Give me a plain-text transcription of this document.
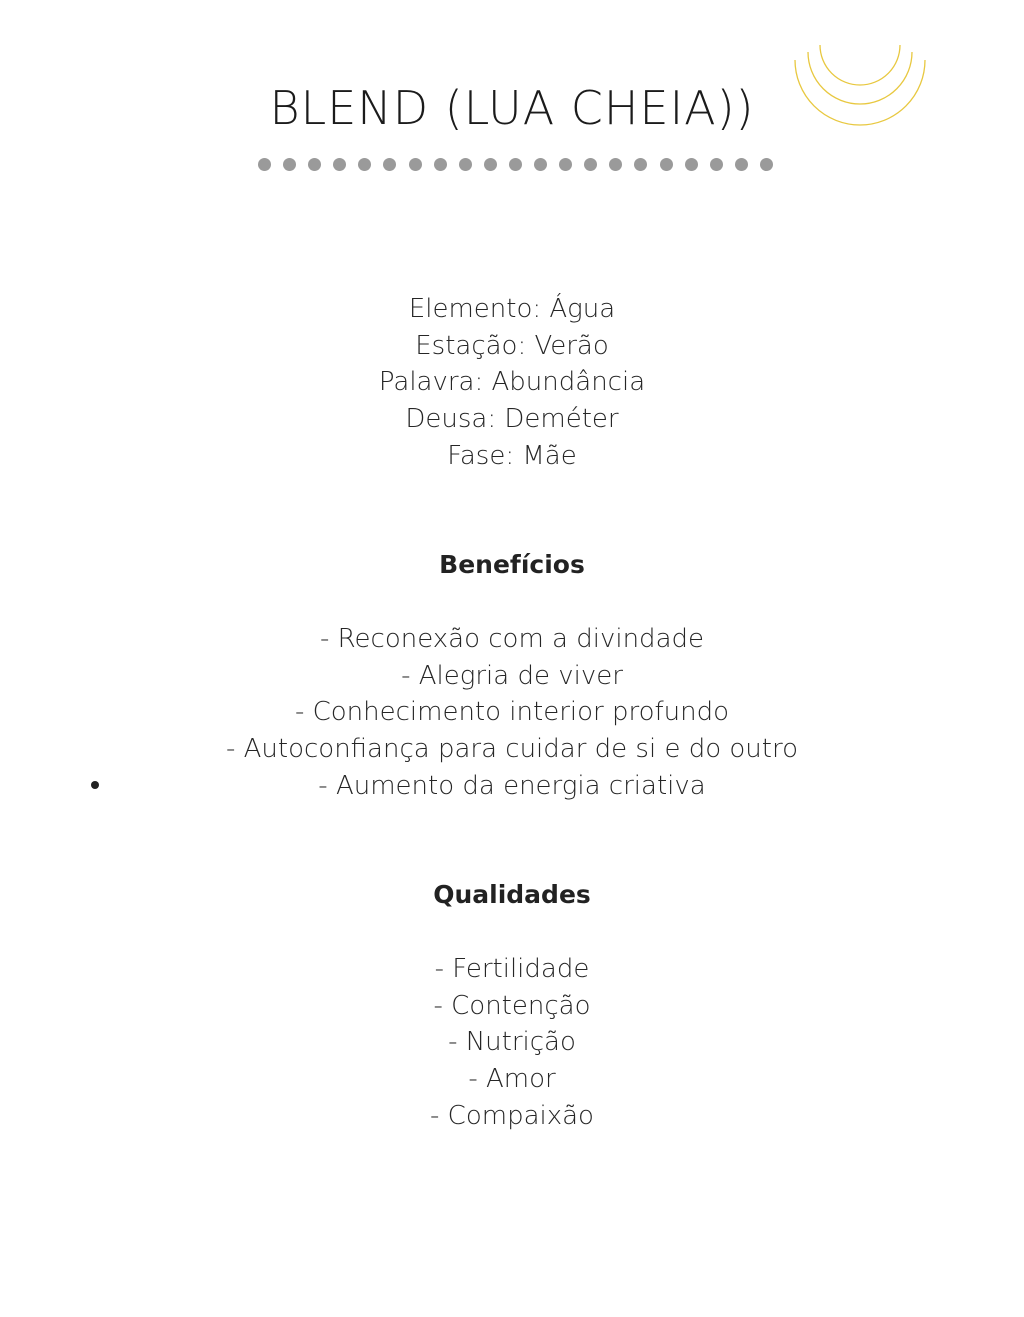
BLEND (LUA CHEIA))
Elemento: Água
Estação: Verão
Palavra: Abundância
Deusa: Deméter
Fase: Mãe
Benefícios
- Reconexão com a divindade
- Alegria de viver
- Conhecimento interior profundo
- Autoconfiança para cuidar de si e do outro
- Aumento da energia criativa
Qualidades
- Fertilidade
- Contenção
- Nutrição
- Amor
- Compaixão
